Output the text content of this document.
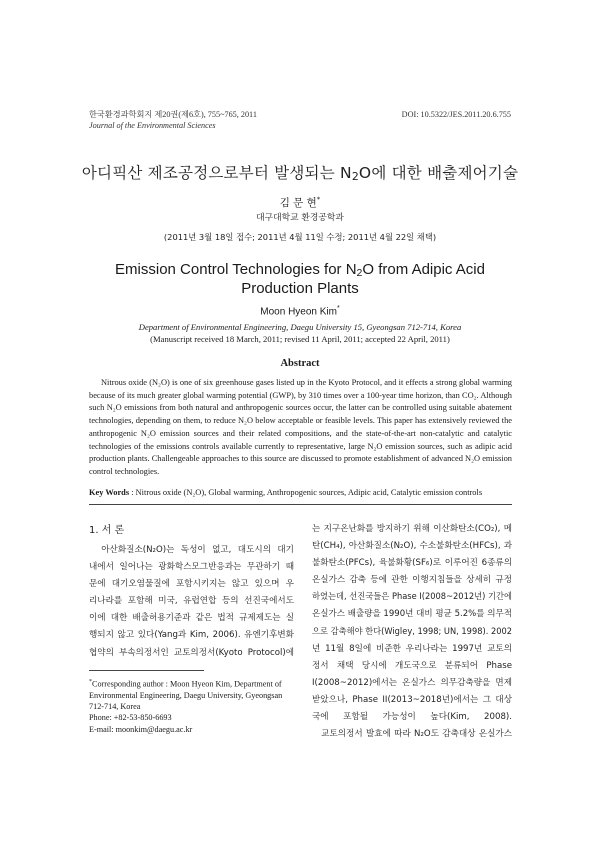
한국환경과학회지 제20권(제6호), 755~765, 2011
Journal of the Environmental Sciences
DOI: 10.5322/JES.2011.20.6.755
아디픽산 제조공정으로부터 발생되는 $N_2O$에 대한 배출제어기술
김 문 현*
대구대학교 환경공학과
(2011년 3월 18일 접수; 2011년 4월 11일 수정; 2011년 4월 22일 채택)
Emission Control Technologies for $N_2O$ from Adipic Acid
Production Plants
Moon Hyeon Kim*
Department of Environmental Engineering, Daegu University 15, Gyeongsan 712-714, Korea
(Manuscript received 18 March, 2011; revised 11 April, 2011; accepted 22 April, 2011)
Abstract
Nitrous oxide (N₂O) is one of six greenhouse gases listed up in the Kyoto Protocol, and it effects a strong global warming because of its much greater global warming potential (GWP), by 310 times over a 100-year time horizon, than CO₂. Although such N₂O emissions from both natural and anthropogenic sources occur, the latter can be controlled using suitable abatement technologies, depending on them, to reduce N₂O below acceptable or feasible levels. This paper has extensively reviewed the anthropogenic N₂O emission sources and their related compositions, and the state-of-the-art non-catalytic and catalytic technologies of the emissions controls available currently to representative, large N₂O emission sources, such as adipic acid production plants. Challengeable approaches to this source are discussed to promote establishment of advanced N₂O emission control technologies.
Key Words : Nitrous oxide (N₂O), Global warming, Anthropogenic sources, Adipic acid, Catalytic emission controls
1. 서 론
　아산화질소(N₂O)는 독성이 없고, 대도시의 대기
내에서 일어나는 광화학스모그반응과는 무관하기 때
문에 대기오염물질에 포함시키지는 않고 있으며 우
리나라를 포함해 미국, 유럽연합 등의 선진국에서도
이에 대한 배출허용기준과 같은 법적 규제제도는 실
행되지 않고 있다(Yang과 Kim, 2006). 유엔기후변화
협약의 부속의정서인 교토의정서(Kyoto Protocol)에
*Corresponding author : Moon Hyeon Kim, Department of
Environmental Engineering, Daegu University, Gyeongsan
712-714, Korea
Phone: +82-53-850-6693
E-mail: moonkim@daegu.ac.kr
는 지구온난화를 방지하기 위해 이산화탄소(CO₂), 메
탄(CH₄), 아산화질소(N₂O), 수소불화탄소(HFCs), 과
불화탄소(PFCs), 육불화황(SF₆)로 이루어진 6종류의
온실가스 감축 등에 관한 이행지침들을 상세히 규정
하였는데, 선진국들은 Phase I(2008~2012년) 기간에
온실가스 배출량을 1990년 대비 평균 5.2%를 의무적
으로 감축해야 한다(Wigley, 1998; UN, 1998). 2002
년 11월 8일에 비준한 우리나라는 1997년 교토의
정서 채택 당시에 개도국으로 분류되어 Phase
I(2008~2012)에서는 온실가스 의무감축량을 면제
받았으나, Phase II(2013~2018년)에서는 그 대상
국에 포함될 가능성이 높다(Kim, 2008).
　교토의정서 발효에 따라 N₂O도 감축대상 온실가스
